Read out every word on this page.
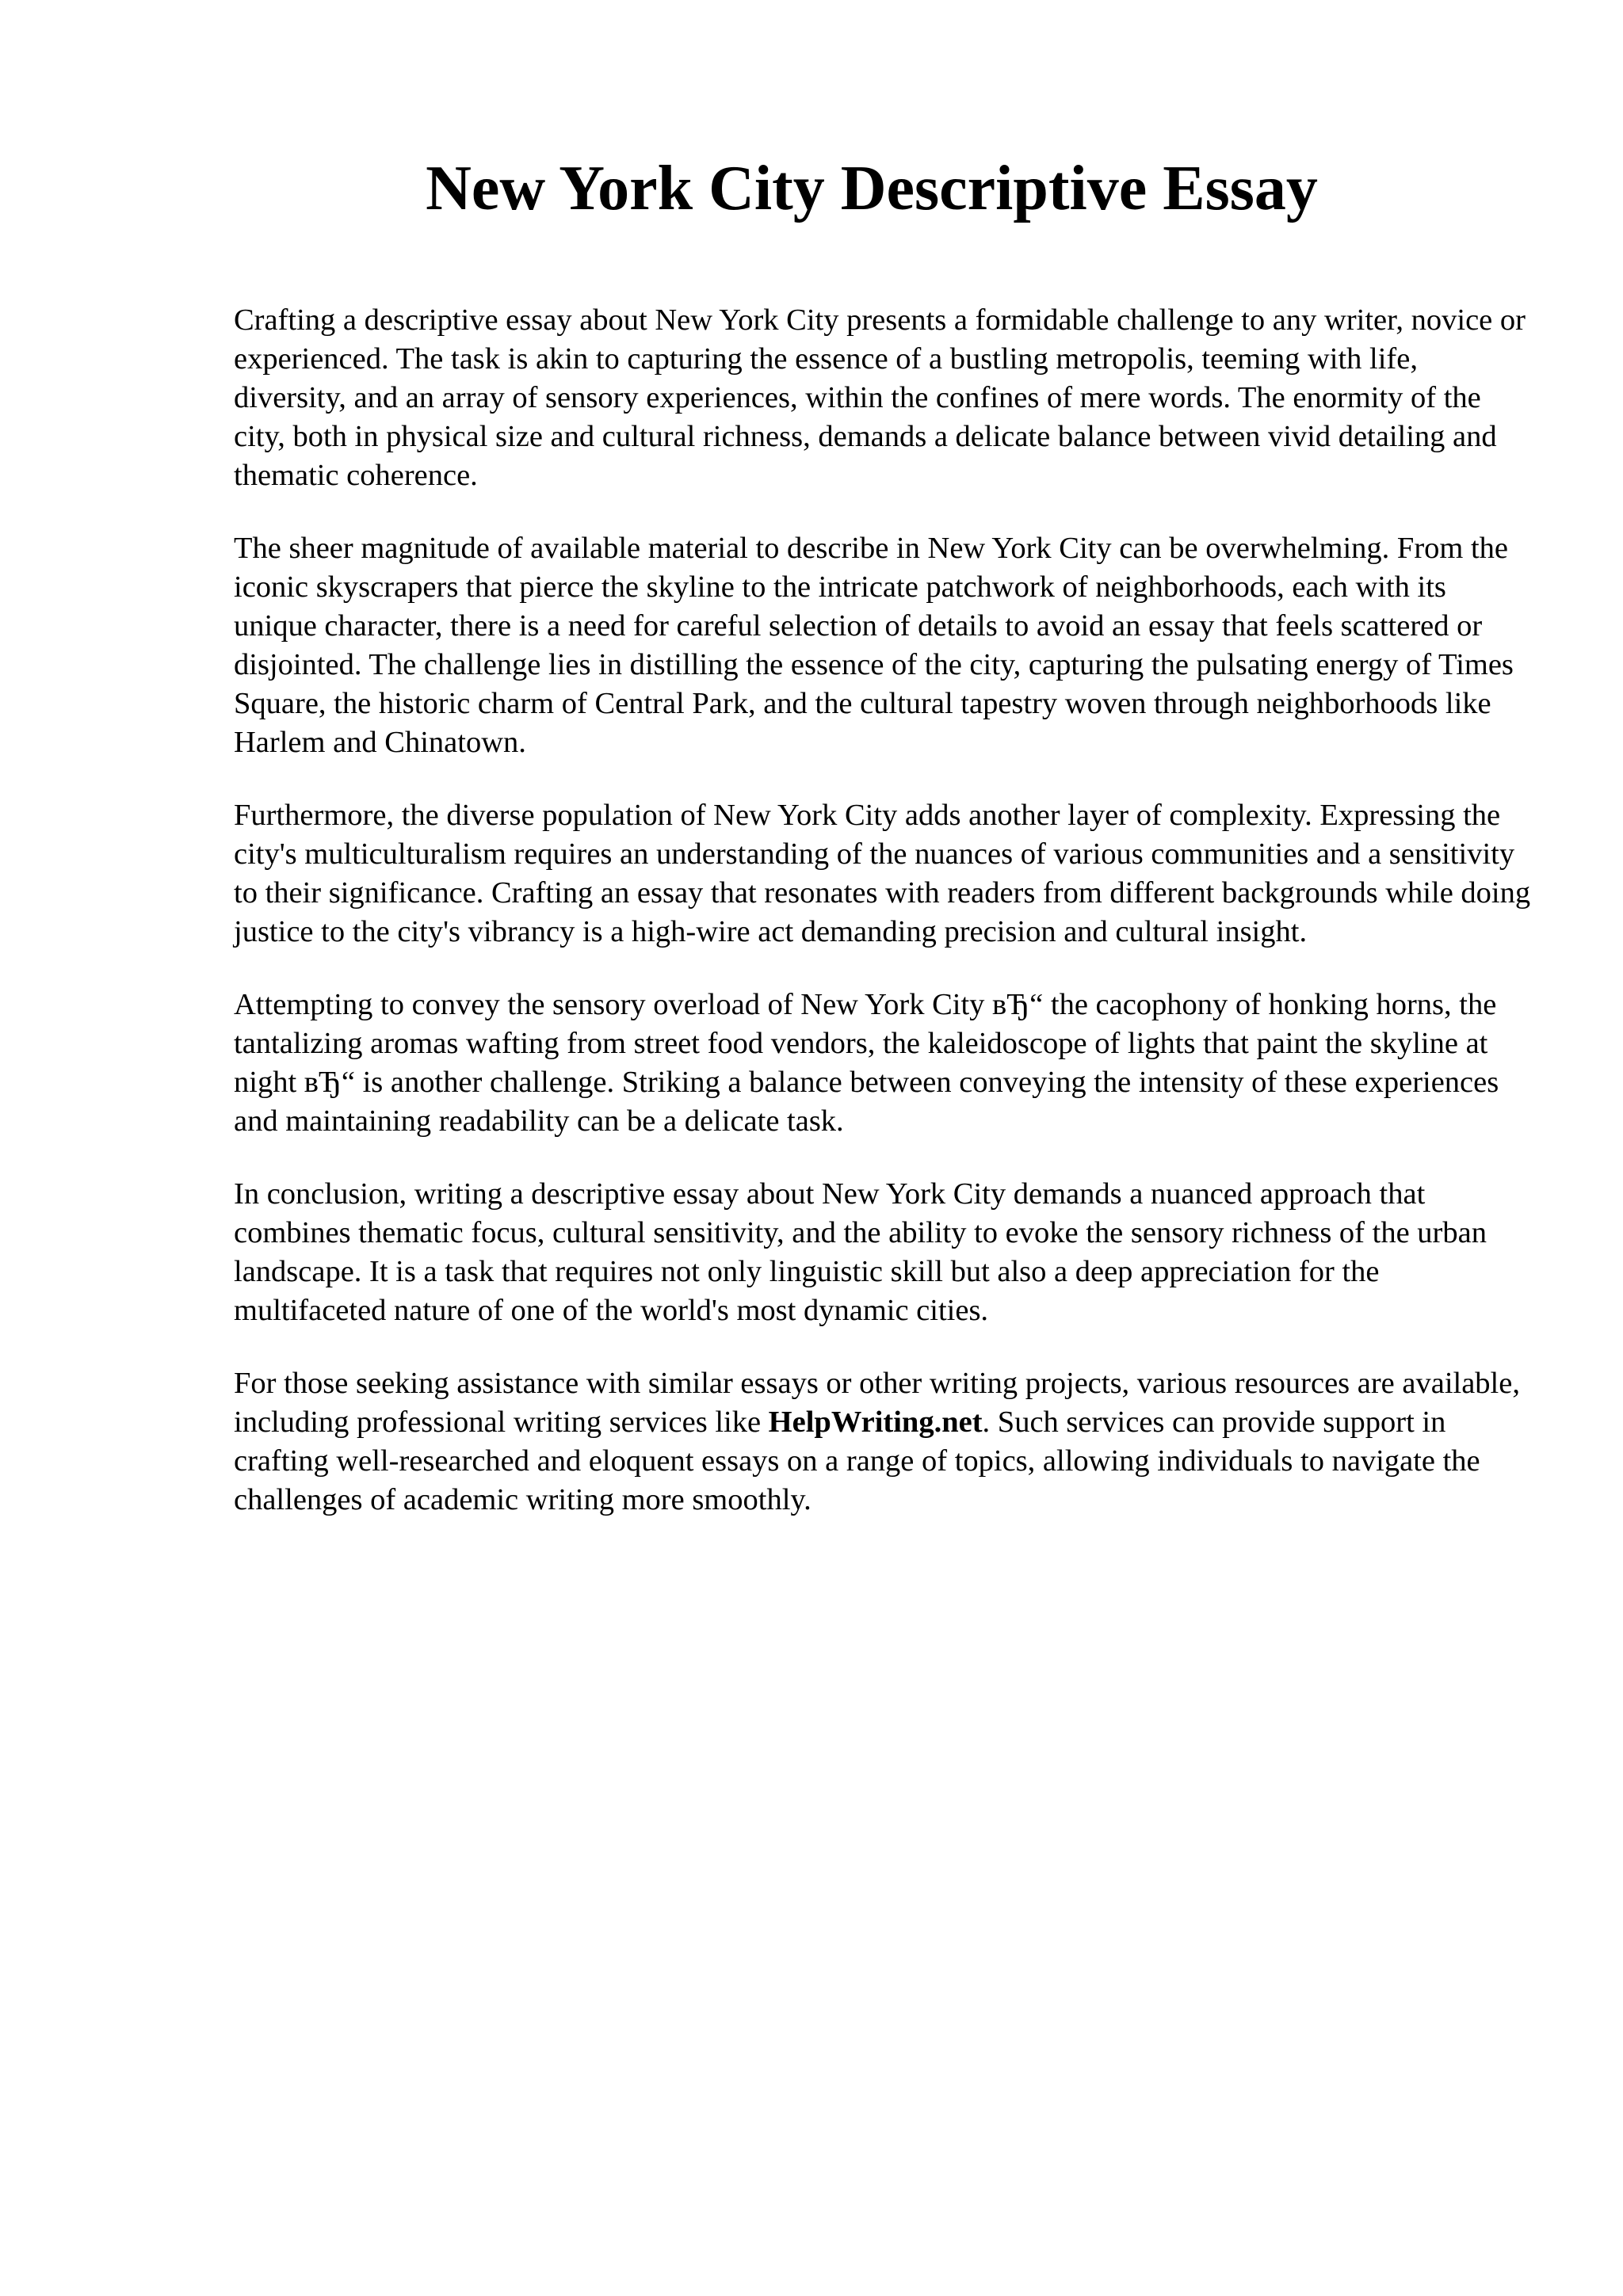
New York City Descriptive Essay

Crafting a descriptive essay about New York City presents a formidable challenge to any writer, novice or experienced. The task is akin to capturing the essence of a bustling metropolis, teeming with life, diversity, and an array of sensory experiences, within the confines of mere words. The enormity of the city, both in physical size and cultural richness, demands a delicate balance between vivid detailing and thematic coherence.

The sheer magnitude of available material to describe in New York City can be overwhelming. From the iconic skyscrapers that pierce the skyline to the intricate patchwork of neighborhoods, each with its unique character, there is a need for careful selection of details to avoid an essay that feels scattered or disjointed. The challenge lies in distilling the essence of the city, capturing the pulsating energy of Times Square, the historic charm of Central Park, and the cultural tapestry woven through neighborhoods like Harlem and Chinatown.

Furthermore, the diverse population of New York City adds another layer of complexity. Expressing the city's multiculturalism requires an understanding of the nuances of various communities and a sensitivity to their significance. Crafting an essay that resonates with readers from different backgrounds while doing justice to the city's vibrancy is a high-wire act demanding precision and cultural insight.

Attempting to convey the sensory overload of New York City вЂ“ the cacophony of honking horns, the tantalizing aromas wafting from street food vendors, the kaleidoscope of lights that paint the skyline at night вЂ“ is another challenge. Striking a balance between conveying the intensity of these experiences and maintaining readability can be a delicate task.

In conclusion, writing a descriptive essay about New York City demands a nuanced approach that combines thematic focus, cultural sensitivity, and the ability to evoke the sensory richness of the urban landscape. It is a task that requires not only linguistic skill but also a deep appreciation for the multifaceted nature of one of the world's most dynamic cities.

For those seeking assistance with similar essays or other writing projects, various resources are available, including professional writing services like HelpWriting.net. Such services can provide support in crafting well-researched and eloquent essays on a range of topics, allowing individuals to navigate the challenges of academic writing more smoothly.
